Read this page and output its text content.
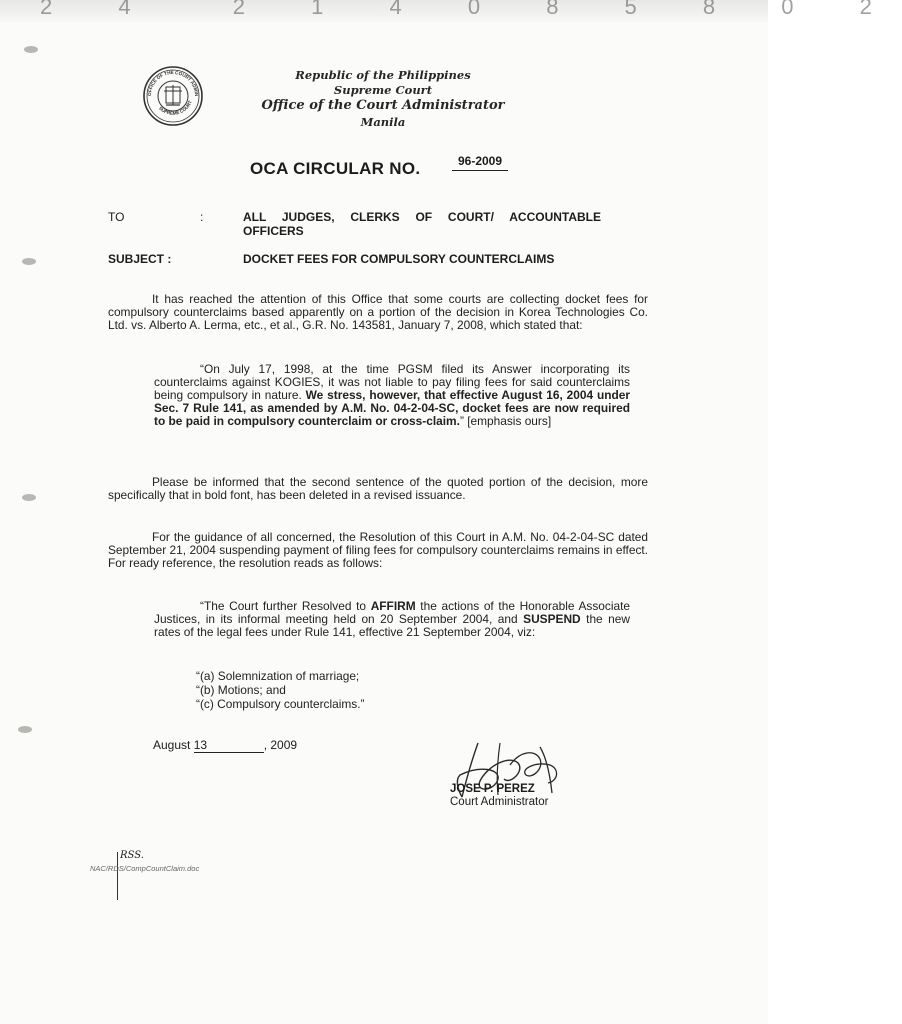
2 4  2 1 4 0 8 5 8 0 2
OFFICE OF THE COURT ADMIN
SUPREME COURT
Republic of the Philippines
Supreme Court
Office of the Court Administrator
Manila
OCA CIRCULAR NO.	96-2009
TO	:	ALL JUDGES, CLERKS OF COURT/ ACCOUNTABLE OFFICERS
SUBJECT :	DOCKET FEES FOR COMPULSORY COUNTERCLAIMS
It has reached the attention of this Office that some courts are collecting docket fees for compulsory counterclaims based apparently on a portion of the decision in Korea Technologies Co. Ltd. vs. Alberto A. Lerma, etc., et al., G.R. No. 143581, January 7, 2008, which stated that:
“On July 17, 1998, at the time PGSM filed its Answer incorporating its counterclaims against KOGIES, it was not liable to pay filing fees for said counterclaims being compulsory in nature. We stress, however, that effective August 16, 2004 under Sec. 7 Rule 141, as amended by A.M. No. 04-2-04-SC, docket fees are now required to be paid in compulsory counterclaim or cross-claim.” [emphasis ours]
Please be informed that the second sentence of the quoted portion of the decision, more specifically that in bold font, has been deleted in a revised issuance.
For the guidance of all concerned, the Resolution of this Court in A.M. No. 04-2-04-SC dated September 21, 2004 suspending payment of filing fees for compulsory counterclaims remains in effect. For ready reference, the resolution reads as follows:
“The Court further Resolved to AFFIRM the actions of the Honorable Associate Justices, in its informal meeting held on 20 September 2004, and SUSPEND the new rates of the legal fees under Rule 141, effective 21 September 2004, viz:
“(a) Solemnization of marriage;
“(b) Motions; and
“(c) Compulsory counterclaims.”
August 13	, 2009
JOSE P. PEREZ
Court Administrator
RSS.
NAC/RDS/CompCountClaim.doc
